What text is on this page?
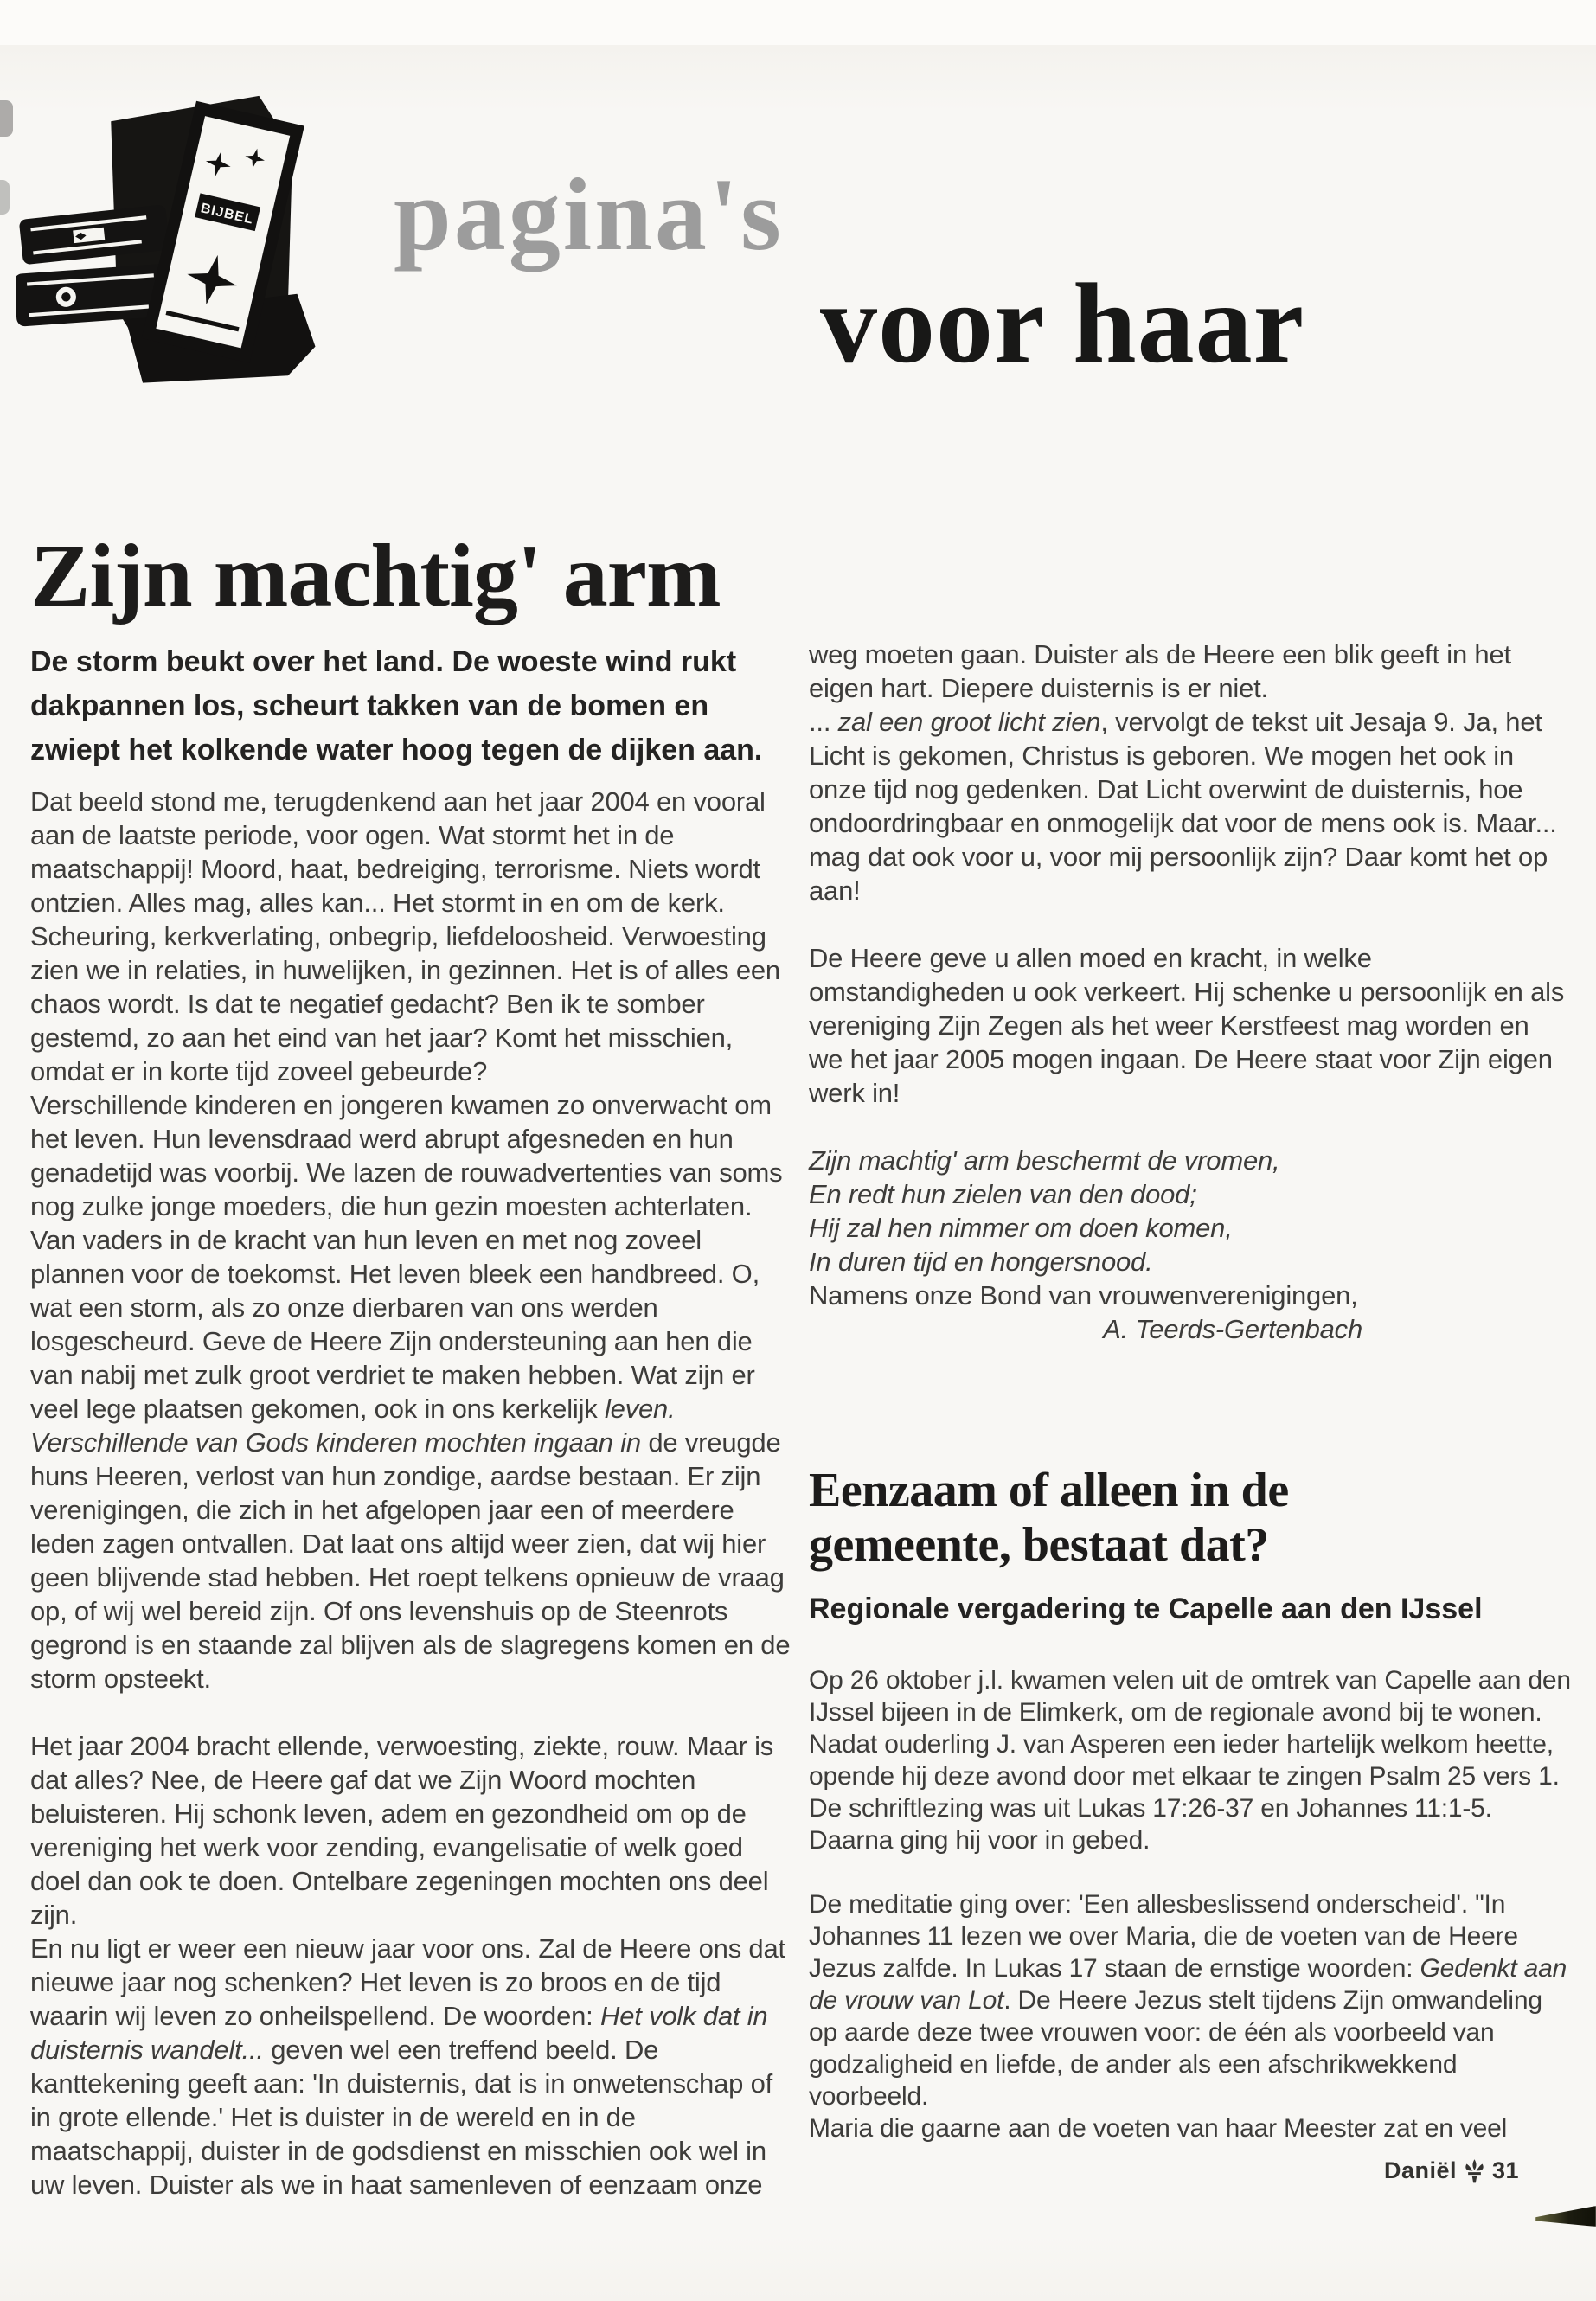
BIJBEL pagina's
voor haar
Zijn machtig' arm

De storm beukt over het land. De woeste wind rukt dakpannen los, scheurt takken van de bomen en zwiept het kolkende water hoog tegen de dijken aan.

Dat beeld stond me, terugdenkend aan het jaar 2004 en vooral aan de laatste periode, voor ogen. Wat stormt het in de maatschappij! Moord, haat, bedreiging, terrorisme. Niets wordt ontzien. Alles mag, alles kan... Het stormt in en om de kerk. Scheuring, kerkverlating, onbegrip, liefdeloosheid. Verwoesting zien we in relaties, in huwelijken, in gezinnen. Het is of alles een chaos wordt. Is dat te negatief gedacht? Ben ik te somber gestemd, zo aan het eind van het jaar? Komt het misschien, omdat er in korte tijd zoveel gebeurde?

Verschillende kinderen en jongeren kwamen zo onverwacht om het leven. Hun levensdraad werd abrupt afgesneden en hun genadetijd was voorbij. We lazen de rouwadvertenties van soms nog zulke jonge moeders, die hun gezin moesten achterlaten. Van vaders in de kracht van hun leven en met nog zoveel plannen voor de toekomst. Het leven bleek een handbreed. O, wat een storm, als zo onze dierbaren van ons werden losgescheurd. Geve de Heere Zijn ondersteuning aan hen die van nabij met zulk groot verdriet te maken hebben. Wat zijn er veel lege plaatsen gekomen, ook in ons kerkelijk leven. Verschillende van Gods kinderen mochten ingaan in de vreugde huns Heeren, verlost van hun zondige, aardse bestaan. Er zijn verenigingen, die zich in het afgelopen jaar een of meerdere leden zagen ontvallen. Dat laat ons altijd weer zien, dat wij hier geen blijvende stad hebben. Het roept telkens opnieuw de vraag op, of wij wel bereid zijn. Of ons levenshuis op de Steenrots gegrond is en staande zal blijven als de slagregens komen en de storm opsteekt.

Het jaar 2004 bracht ellende, verwoesting, ziekte, rouw. Maar is dat alles? Nee, de Heere gaf dat we Zijn Woord mochten beluisteren. Hij schonk leven, adem en gezondheid om op de vereniging het werk voor zending, evangelisatie of welk goed doel dan ook te doen. Ontelbare zegeningen mochten ons deel zijn.

En nu ligt er weer een nieuw jaar voor ons. Zal de Heere ons dat nieuwe jaar nog schenken? Het leven is zo broos en de tijd waarin wij leven zo onheilspellend. De woorden: Het volk dat in duisternis wandelt... geven wel een treffend beeld. De kanttekening geeft aan: 'In duisternis, dat is in onwetenschap of in grote ellende.' Het is duister in de wereld en in de maatschappij, duister in de godsdienst en misschien ook wel in uw leven. Duister als we in haat samenleven of eenzaam onze

weg moeten gaan. Duister als de Heere een blik geeft in het eigen hart. Diepere duisternis is er niet.

... zal een groot licht zien, vervolgt de tekst uit Jesaja 9. Ja, het Licht is gekomen, Christus is geboren. We mogen het ook in onze tijd nog gedenken. Dat Licht overwint de duisternis, hoe ondoordringbaar en onmogelijk dat voor de mens ook is. Maar... mag dat ook voor u, voor mij persoonlijk zijn? Daar komt het op aan!

De Heere geve u allen moed en kracht, in welke omstandigheden u ook verkeert. Hij schenke u persoonlijk en als vereniging Zijn Zegen als het weer Kerstfeest mag worden en we het jaar 2005 mogen ingaan. De Heere staat voor Zijn eigen werk in!

Zijn machtig' arm beschermt de vromen,
En redt hun zielen van den dood;
Hij zal hen nimmer om doen komen,
In duren tijd en hongersnood.

Namens onze Bond van vrouwenverenigingen,

A. Teerds-Gertenbach

Eenzaam of alleen in de
gemeente, bestaat dat?

Regionale vergadering te Capelle aan den IJssel

Op 26 oktober j.l. kwamen velen uit de omtrek van Capelle aan den IJssel bijeen in de Elimkerk, om de regionale avond bij te wonen. Nadat ouderling J. van Asperen een ieder hartelijk welkom heette, opende hij deze avond door met elkaar te zingen Psalm 25 vers 1. De schriftlezing was uit Lukas 17:26-37 en Johannes 11:1-5. Daarna ging hij voor in gebed.

De meditatie ging over: 'Een allesbeslissend onderscheid'. "In Johannes 11 lezen we over Maria, die de voeten van de Heere Jezus zalfde. In Lukas 17 staan de ernstige woorden: Gedenkt aan de vrouw van Lot. De Heere Jezus stelt tijdens Zijn omwandeling op aarde deze twee vrouwen voor: de één als voorbeeld van godzaligheid en liefde, de ander als een afschrikwekkend voorbeeld.

Maria die gaarne aan de voeten van haar Meester zat en veel

Daniël 31
